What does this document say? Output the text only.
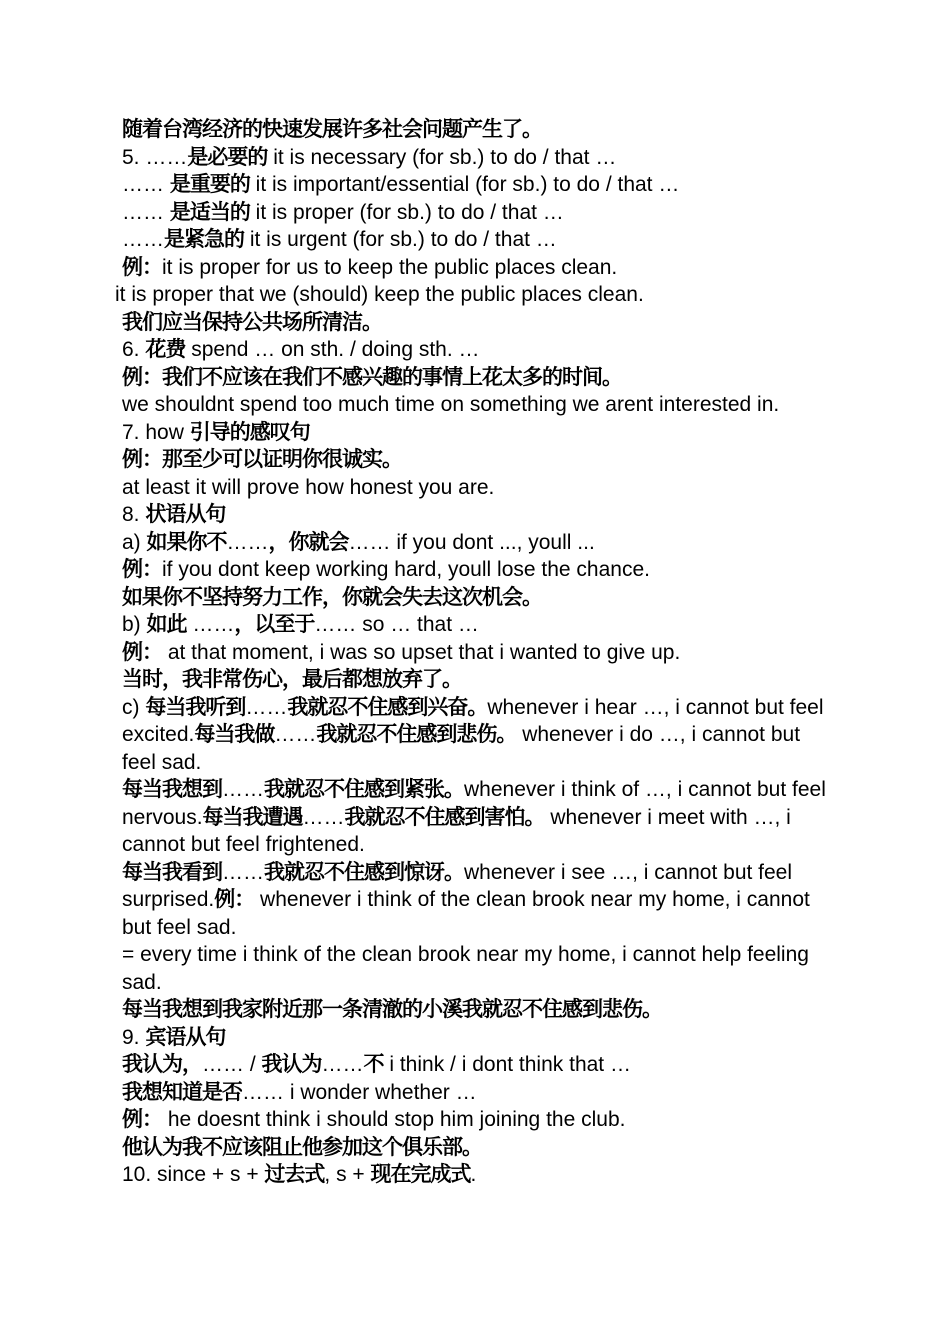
随着台湾经济的快速发展许多社会问题产生了。
5. ……是必要的 it is necessary (for sb.) to do / that …
…… 是重要的 it is important/essential (for sb.) to do / that …
…… 是适当的 it is proper (for sb.) to do / that …
……是紧急的 it is urgent (for sb.) to do / that …
例：it is proper for us to keep the public places clean.
it is proper that we (should) keep the public places clean.
我们应当保持公共场所清洁。
6. 花费 spend … on sth. / doing sth. …
例：我们不应该在我们不感兴趣的事情上花太多的时间。
we shouldnt spend too much time on something we arent interested in.
7. how 引导的感叹句
例：那至少可以证明你很诚实。
at least it will prove how honest you are.
8. 状语从句
a) 如果你不……，你就会…… if you dont ..., youll ...
例：if you dont keep working hard, youll lose the chance.
如果你不坚持努力工作，你就会失去这次机会。
b) 如此 ……，以至于…… so … that …
例： at that moment, i was so upset that i wanted to give up.
当时，我非常伤心，最后都想放弃了。
c) 每当我听到……我就忍不住感到兴奋。whenever i hear …, i cannot but feel excited.每当我做……我就忍不住感到悲伤。 whenever i do …, i cannot but feel sad.
每当我想到……我就忍不住感到紧张。whenever i think of …, i cannot but feel nervous.每当我遭遇……我就忍不住感到害怕。 whenever i meet with …, i cannot but feel frightened.
每当我看到……我就忍不住感到惊讶。whenever i see …, i cannot but feel surprised.例： whenever i think of the clean brook near my home, i cannot but feel sad.
= every time i think of the clean brook near my home, i cannot help feeling sad.
每当我想到我家附近那一条清澈的小溪我就忍不住感到悲伤。
9. 宾语从句
我认为，…… / 我认为……不 i think / i dont think that …
我想知道是否…… i wonder whether …
例： he doesnt think i should stop him joining the club.
他认为我不应该阻止他参加这个俱乐部。
10. since + s + 过去式, s + 现在完成式.
